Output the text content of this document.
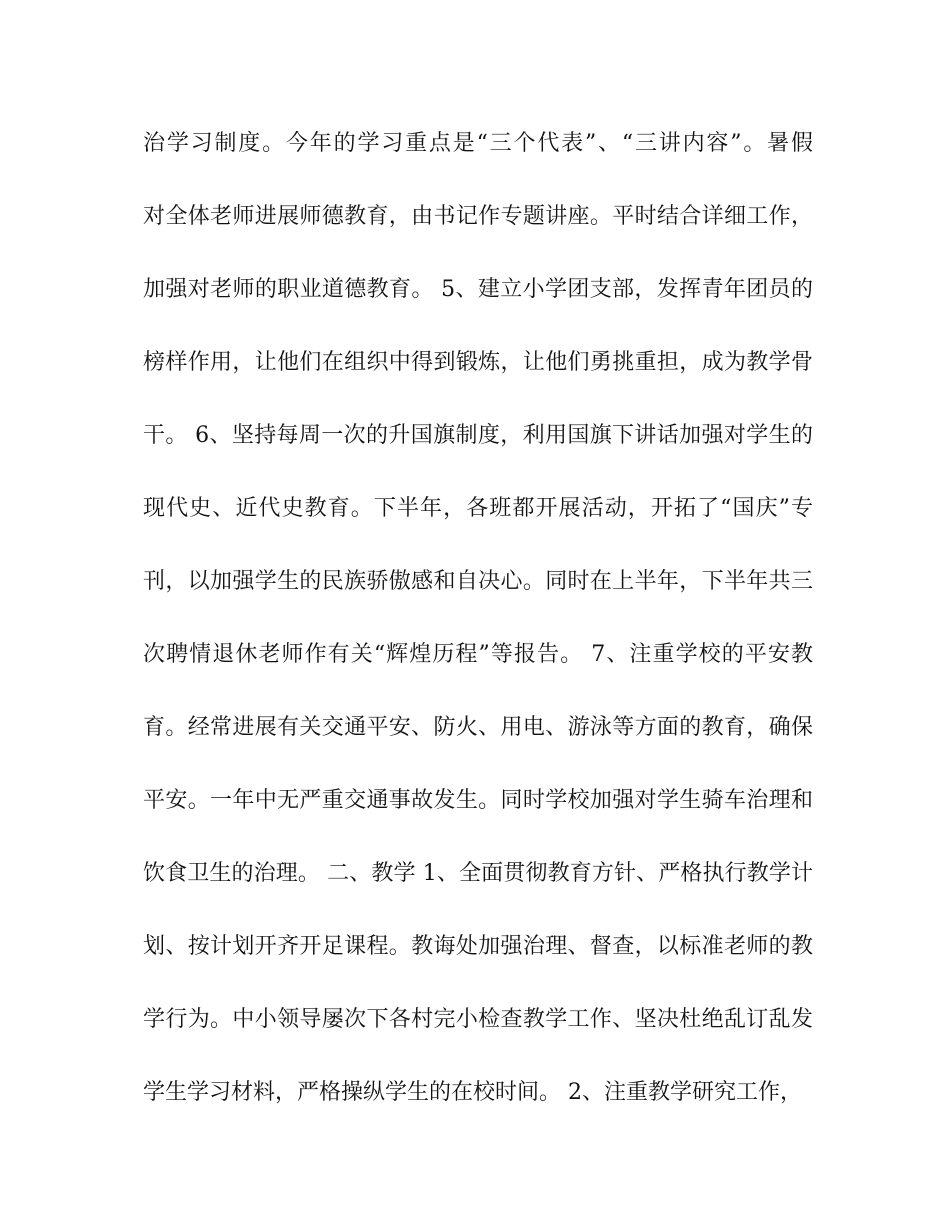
治学习制度。今年的学习重点是“三个代表”、“三讲内容”。暑假
对全体老师进展师德教育，由书记作专题讲座。平时结合详细工作，
加强对老师的职业道德教育。 5、建立小学团支部，发挥青年团员的
榜样作用，让他们在组织中得到锻炼，让他们勇挑重担，成为教学骨
干。 6、坚持每周一次的升国旗制度，利用国旗下讲话加强对学生的
现代史、近代史教育。下半年，各班都开展活动，开拓了“国庆”专
刊，以加强学生的民族骄傲感和自决心。同时在上半年，下半年共三
次聘情退休老师作有关“辉煌历程”等报告。 7、注重学校的平安教
育。经常进展有关交通平安、防火、用电、游泳等方面的教育，确保
平安。一年中无严重交通事故发生。同时学校加强对学生骑车治理和
饮食卫生的治理。 二、教学 1、全面贯彻教育方针、严格执行教学计
划、按计划开齐开足课程。教诲处加强治理、督查，以标准老师的教
学行为。中小领导屡次下各村完小检查教学工作、坚决杜绝乱订乱发
学生学习材料，严格操纵学生的在校时间。 2、注重教学研究工作，
